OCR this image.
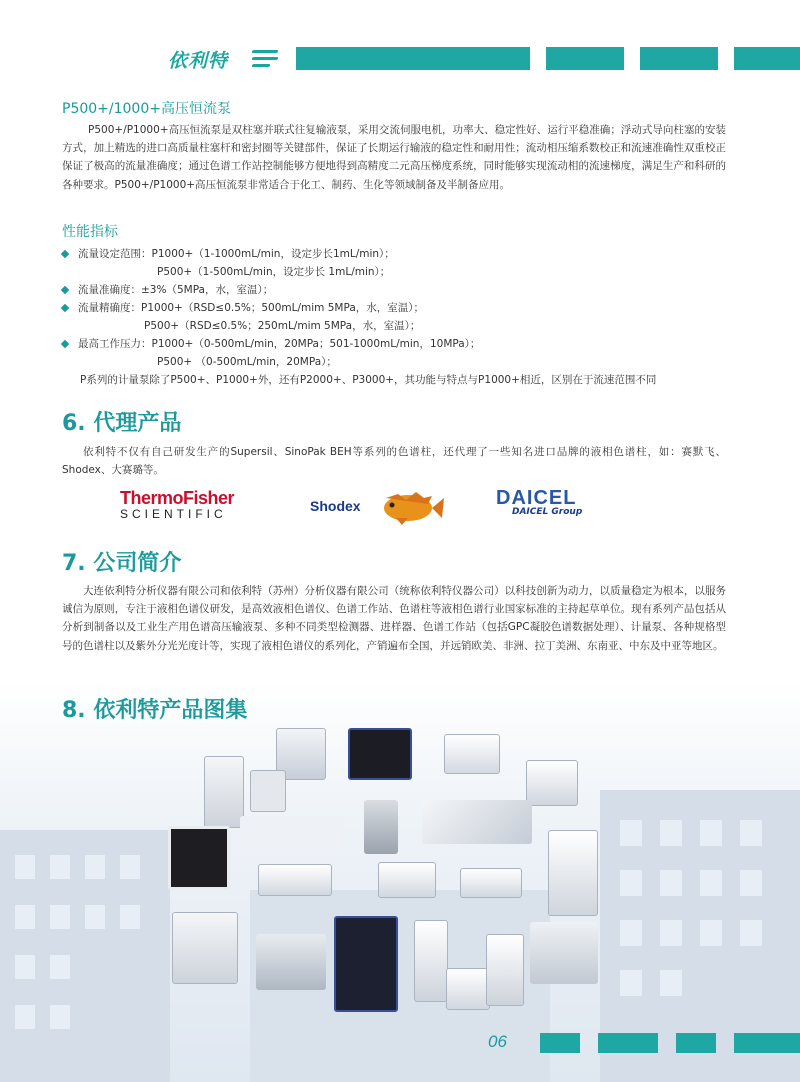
依利特
P500+/1000+高压恒流泵
P500+/P1000+高压恒流泵是双柱塞并联式往复输液泵，采用交流伺服电机，功率大、稳定性好、运行平稳准确；浮动式导向柱塞的安装方式，加上精选的进口高质量柱塞杆和密封圈等关键部件，保证了长期运行输液的稳定性和耐用性；流动相压缩系数校正和流速准确性双重校正保证了极高的流量准确度；通过色谱工作站控制能够方便地得到高精度二元高压梯度系统，同时能够实现流动相的流速梯度，满足生产和科研的各种要求。P500+/P1000+高压恒流泵非常适合于化工、制药、生化等领域制备及半制备应用。
性能指标
流量设定范围：P1000+（1-1000mL/min，设定步长1mL/min）；
P500+（1-500mL/min，设定步长 1mL/min）；
流量准确度：±3%（5MPa，水，室温）；
流量精确度：P1000+（RSD≤0.5%；500mL/mim 5MPa，水，室温）；
P500+（RSD≤0.5%；250mL/mim 5MPa，水，室温）；
最高工作压力：P1000+（0-500mL/min，20MPa；501-1000mL/min，10MPa）；
P500+ （0-500mL/min，20MPa）；
P系列的计量泵除了P500+、P1000+外，还有P2000+、P3000+，其功能与特点与P1000+相近，区别在于流速范围不同
6. 代理产品
依利特不仅有自己研发生产的Supersil、SinoPak BEH等系列的色谱柱，还代理了一些知名进口品牌的液相色谱柱，如：赛默飞、Shodex、大赛璐等。
ThermoFisher
SCIENTIFIC	Shodex	DAICEL
DAICEL Group
7. 公司简介
大连依利特分析仪器有限公司和依利特（苏州）分析仪器有限公司（统称依利特仪器公司）以科技创新为动力，以质量稳定为根本，以服务诚信为原则，专注于液相色谱仪研发，是高效液相色谱仪、色谱工作站、色谱柱等液相色谱行业国家标准的主持起草单位。现有系列产品包括从分析到制备以及工业生产用色谱高压输液泵、多种不同类型检测器、进样器、色谱工作站（包括GPC凝胶色谱数据处理）、计量泵、各种规格型号的色谱柱以及紫外分光光度计等，实现了液相色谱仪的系列化，产销遍布全国，并远销欧美、非洲、拉丁美洲、东南亚、中东及中亚等地区。
8. 依利特产品图集
06
